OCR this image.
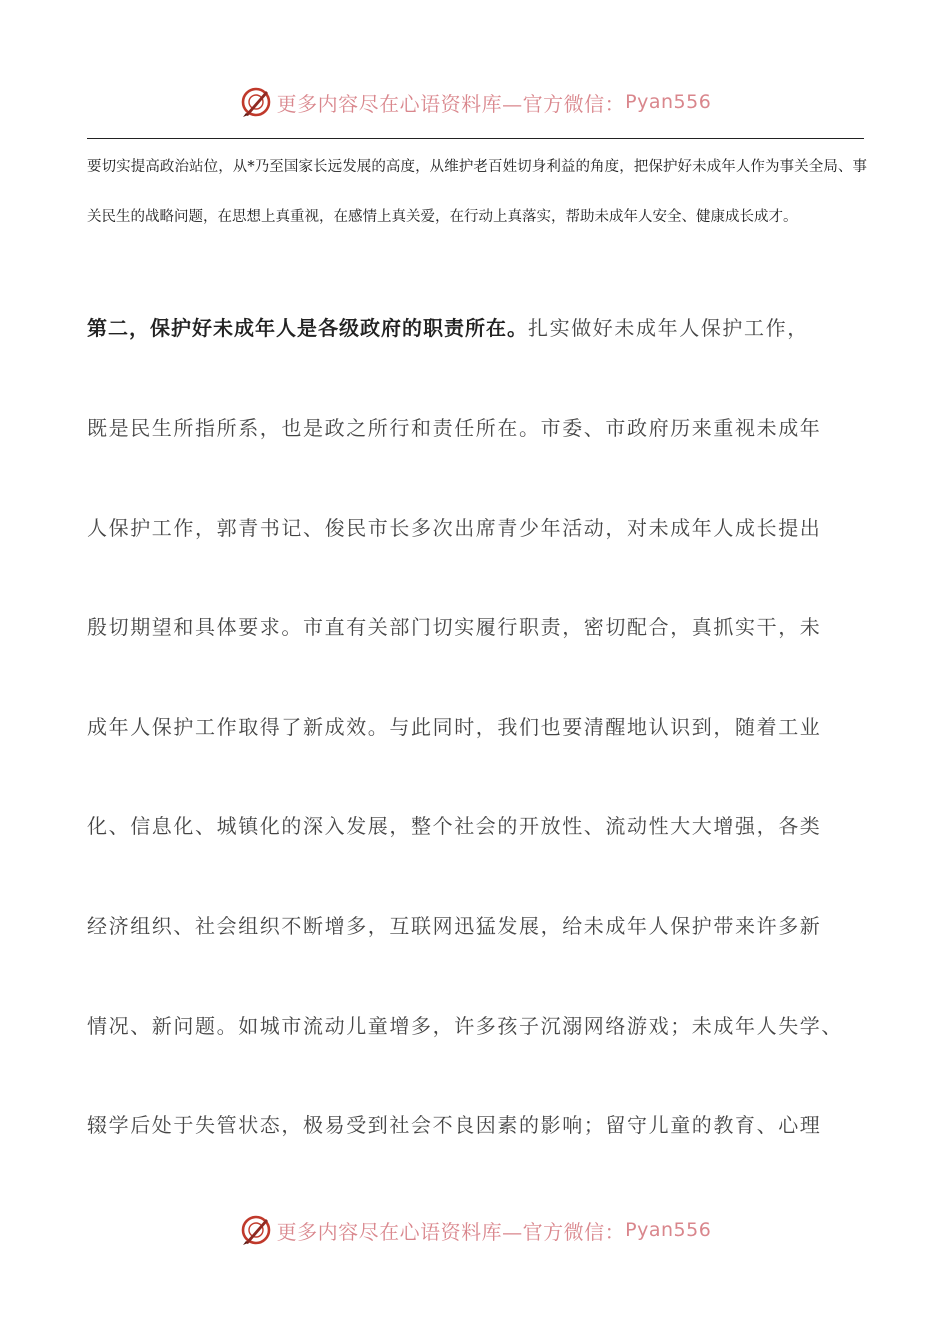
更多内容尽在心语资料库—官方微信： Pyan556

要切实提高政治站位，从*乃至国家长远发展的高度，从维护老百姓切身利益的角度，把保护好未成年人作为事关全局、事关民生的战略问题，在思想上真重视，在感情上真关爱，在行动上真落实，帮助未成年人安全、健康成长成才。

第二，保护好未成年人是各级政府的职责所在。扎实做好未成年人保护工作，

既是民生所指所系，也是政之所行和责任所在。市委、市政府历来重视未成年

人保护工作，郭青书记、俊民市长多次出席青少年活动，对未成年人成长提出

殷切期望和具体要求。市直有关部门切实履行职责，密切配合，真抓实干，未

成年人保护工作取得了新成效。与此同时，我们也要清醒地认识到，随着工业

化、信息化、城镇化的深入发展，整个社会的开放性、流动性大大增强，各类

经济组织、社会组织不断增多，互联网迅猛发展，给未成年人保护带来许多新

情况、新问题。如城市流动儿童增多，许多孩子沉溺网络游戏；未成年人失学、

辍学后处于失管状态，极易受到社会不良因素的影响；留守儿童的教育、心理

更多内容尽在心语资料库—官方微信： Pyan556
